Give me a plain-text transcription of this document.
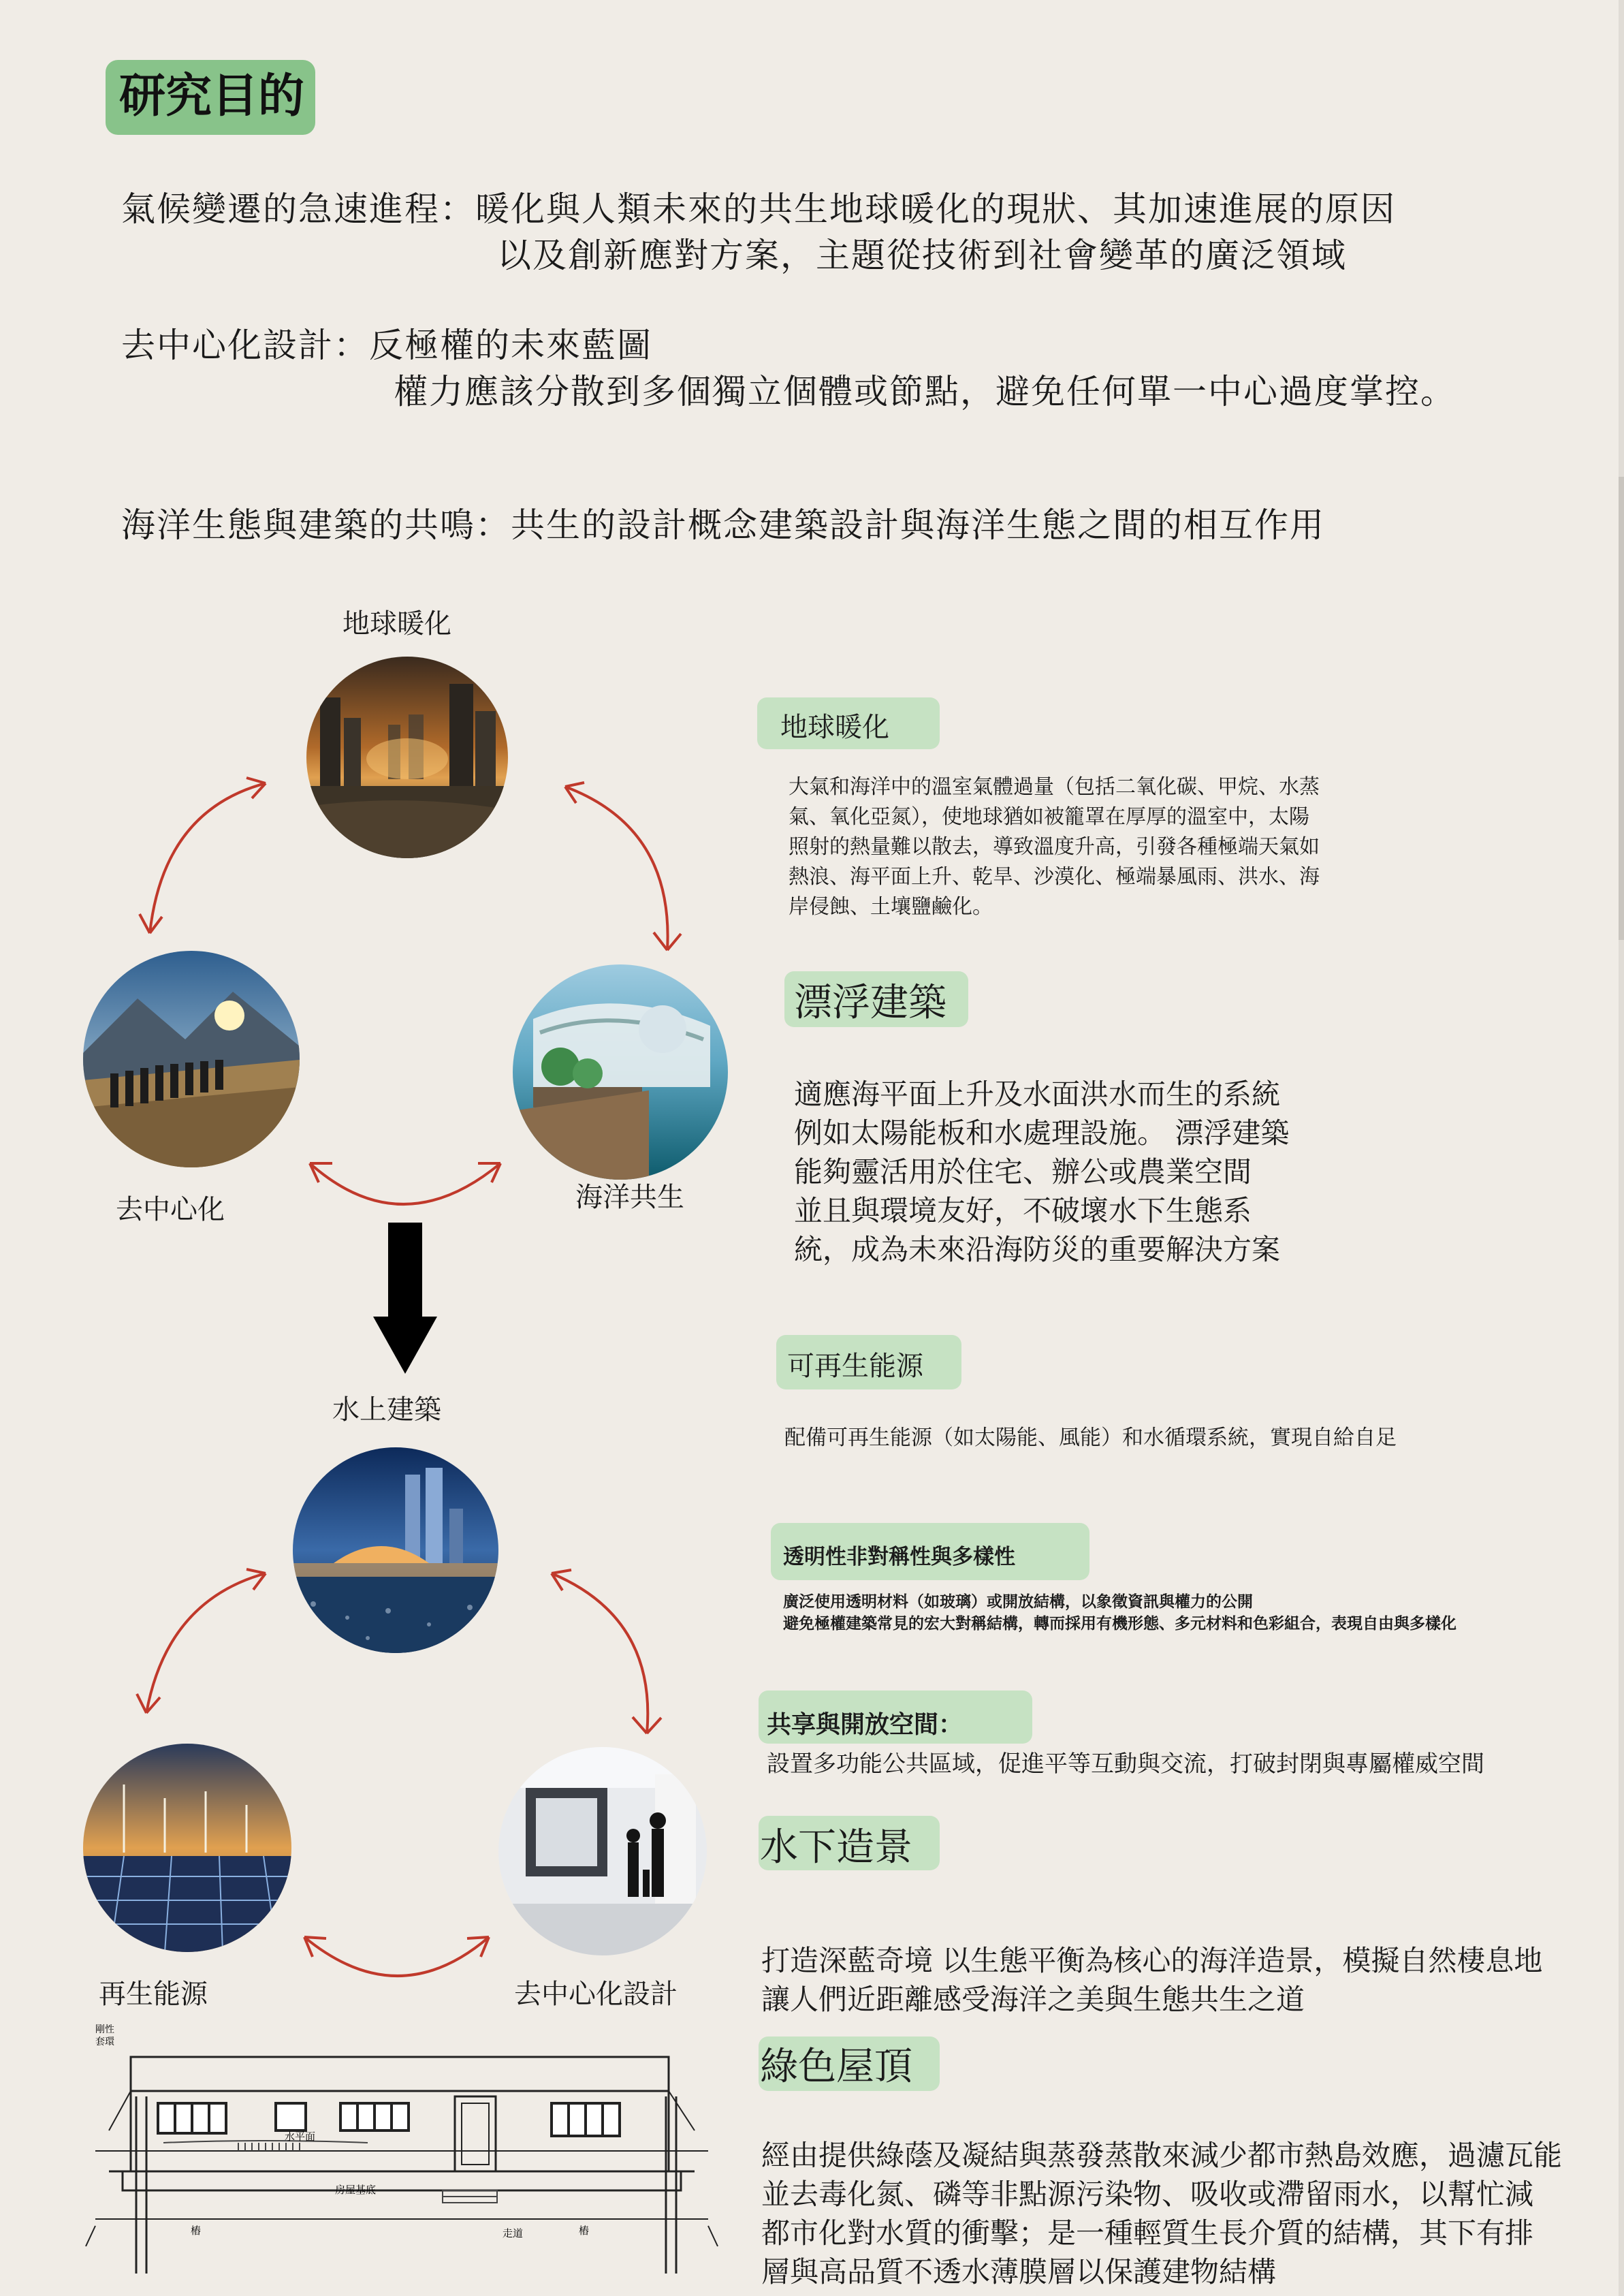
研究目的
氣候變遷的急速進程：暖化與人類未來的共生地球暖化的現狀、其加速進展的原因
以及創新應對方案，主題從技術到社會變革的廣泛領域
去中心化設計：反極權的未來藍圖
權力應該分散到多個獨立個體或節點，避免任何單一中心過度掌控。
海洋生態與建築的共鳴：共生的設計概念建築設計與海洋生態之間的相互作用
地球暖化
去中心化	海洋共生
水上建築
再生能源	去中心化設計
地球暖化
大氣和海洋中的溫室氣體過量（包括二氧化碳、甲烷、水蒸
氣、氧化亞氮），使地球猶如被籠罩在厚厚的溫室中，太陽
照射的熱量難以散去，導致溫度升高，引發各種極端天氣如
熱浪、海平面上升、乾旱、沙漠化、極端暴風雨、洪水、海
岸侵蝕、土壤鹽鹼化。
漂浮建築
適應海平面上升及水面洪水而生的系統
例如太陽能板和水處理設施。 漂浮建築
能夠靈活用於住宅、辦公或農業空間
並且與環境友好，不破壞水下生態系
統，成為未來沿海防災的重要解決方案
可再生能源
配備可再生能源（如太陽能、風能）和水循環系統，實現自給自足
透明性非對稱性與多樣性
廣泛使用透明材料（如玻璃）或開放結構，以象徵資訊與權力的公開
避免極權建築常見的宏大對稱結構，轉而採用有機形態、多元材料和色彩組合，表現自由與多樣化
共享與開放空間：
設置多功能公共區域，促進平等互動與交流，打破封閉與專屬權威空間
水下造景
打造深藍奇境 以生態平衡為核心的海洋造景，模擬自然棲息地
讓人們近距離感受海洋之美與生態共生之道
綠色屋頂
經由提供綠蔭及凝結與蒸發蒸散來減少都市熱島效應，過濾瓦能
並去毒化氮、磷等非點源污染物、吸收或滯留雨水，以幫忙減
都市化對水質的衝擊；是一種輕質生長介質的結構，其下有排
層與高品質不透水薄膜層以保護建物結構
剛性
套環
水平面
房屋基底
樁	樁
走道
